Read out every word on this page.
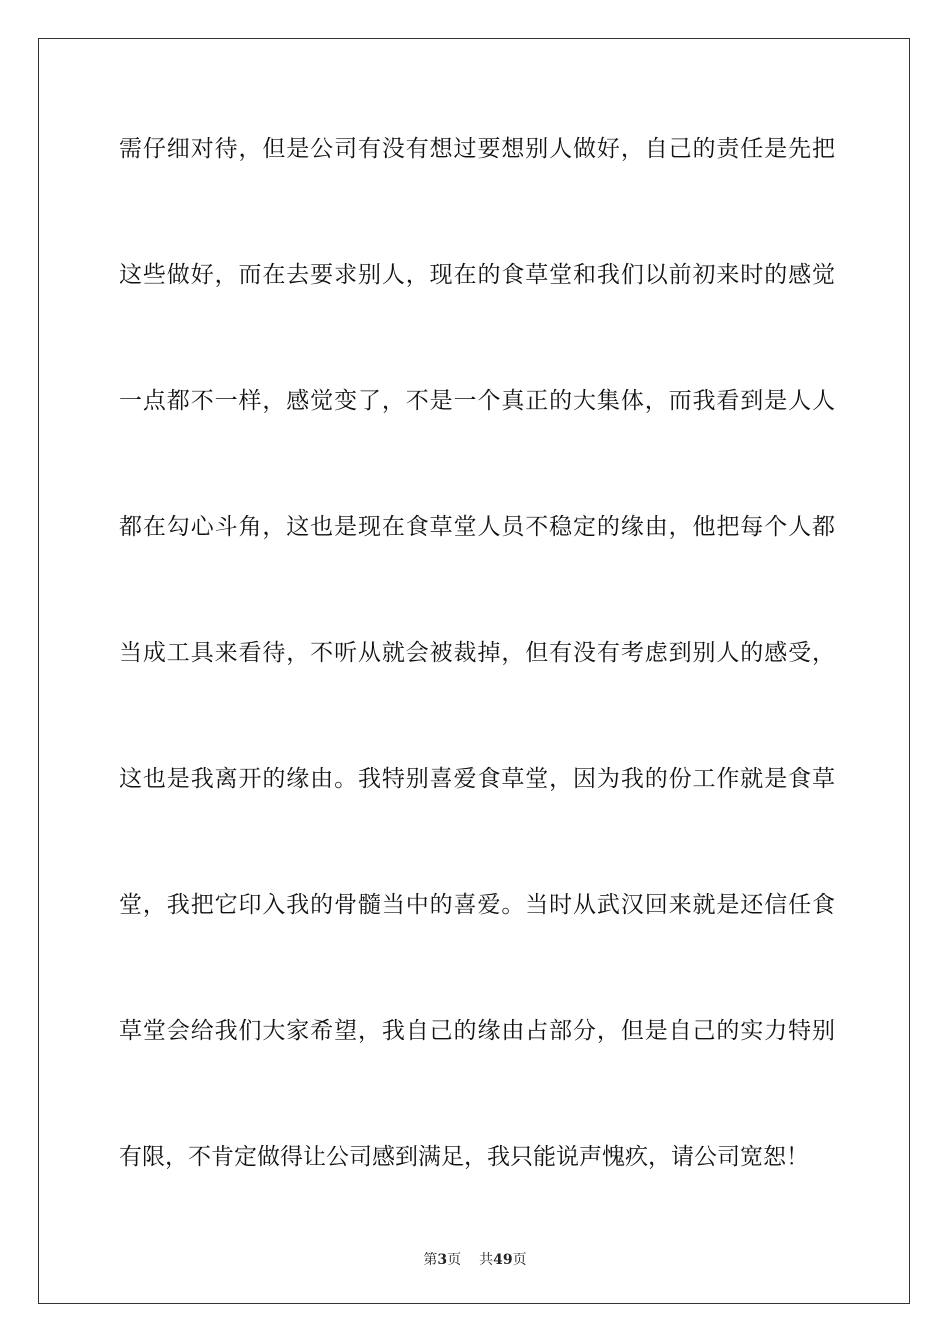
需仔细对待，但是公司有没有想过要想别人做好，自己的责任是先把
这些做好，而在去要求别人，现在的食草堂和我们以前初来时的感觉
一点都不一样，感觉变了，不是一个真正的大集体，而我看到是人人
都在勾心斗角，这也是现在食草堂人员不稳定的缘由，他把每个人都
当成工具来看待，不听从就会被裁掉，但有没有考虑到别人的感受，
这也是我离开的缘由。我特别喜爱食草堂，因为我的份工作就是食草
堂，我把它印入我的骨髓当中的喜爱。当时从武汉回来就是还信任食
草堂会给我们大家希望，我自己的缘由占部分，但是自己的实力特别
有限，不肯定做得让公司感到满足，我只能说声愧疚，请公司宽恕！
第3页 共49页
